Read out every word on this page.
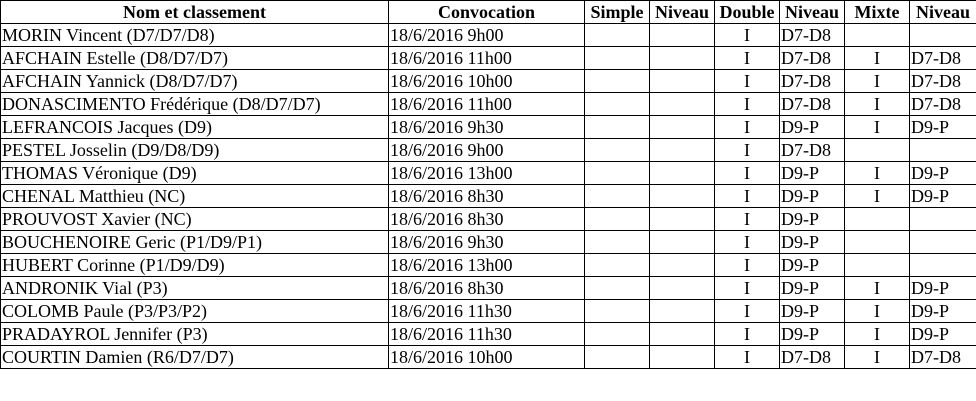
Nom et classement	Convocation	Simple	Niveau	Double	Niveau	Mixte	Niveau
MORIN Vincent (D7/D7/D8)	18/6/2016 9h00			I	D7-D8		
AFCHAIN Estelle (D8/D7/D7)	18/6/2016 11h00			I	D7-D8	I	D7-D8
AFCHAIN Yannick (D8/D7/D7)	18/6/2016 10h00			I	D7-D8	I	D7-D8
DONASCIMENTO Frédérique (D8/D7/D7)	18/6/2016 11h00			I	D7-D8	I	D7-D8
LEFRANCOIS Jacques (D9)	18/6/2016 9h30			I	D9-P	I	D9-P
PESTEL Josselin (D9/D8/D9)	18/6/2016 9h00			I	D7-D8		
THOMAS Véronique (D9)	18/6/2016 13h00			I	D9-P	I	D9-P
CHENAL Matthieu (NC)	18/6/2016 8h30			I	D9-P	I	D9-P
PROUVOST Xavier (NC)	18/6/2016 8h30			I	D9-P		
BOUCHENOIRE Geric (P1/D9/P1)	18/6/2016 9h30			I	D9-P		
HUBERT Corinne (P1/D9/D9)	18/6/2016 13h00			I	D9-P		
ANDRONIK Vial (P3)	18/6/2016 8h30			I	D9-P	I	D9-P
COLOMB Paule (P3/P3/P2)	18/6/2016 11h30			I	D9-P	I	D9-P
PRADAYROL Jennifer (P3)	18/6/2016 11h30			I	D9-P	I	D9-P
COURTIN Damien (R6/D7/D7)	18/6/2016 10h00			I	D7-D8	I	D7-D8
